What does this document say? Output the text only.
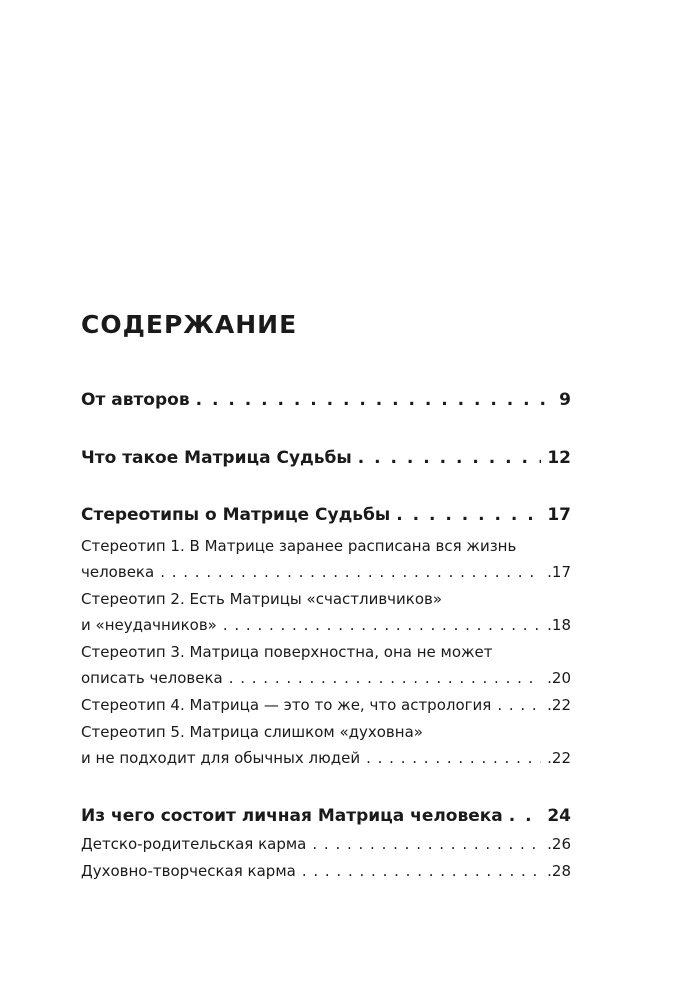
СОДЕРЖАНИЕ
От авторов . .	9
Что такое Матрица Судьбы . .	12
Стереотипы о Матрице Судьбы . .	17
Стереотип 1. В Матрице заранее расписана вся жизнь
человека . .	.17
Стереотип 2. Есть Матрицы «счастливчиков»
и «неудачников» . .	.18
Стереотип 3. Матрица поверхностна, она не может
описать человека . .	.20
Стереотип 4. Матрица — это то же, что астрология . .	.22
Стереотип 5. Матрица слишком «духовна»
и не подходит для обычных людей . .	.22
Из чего состоит личная Матрица человека . .	24
Детско-родительская карма . .	.26
Духовно-творческая карма . .	.28
